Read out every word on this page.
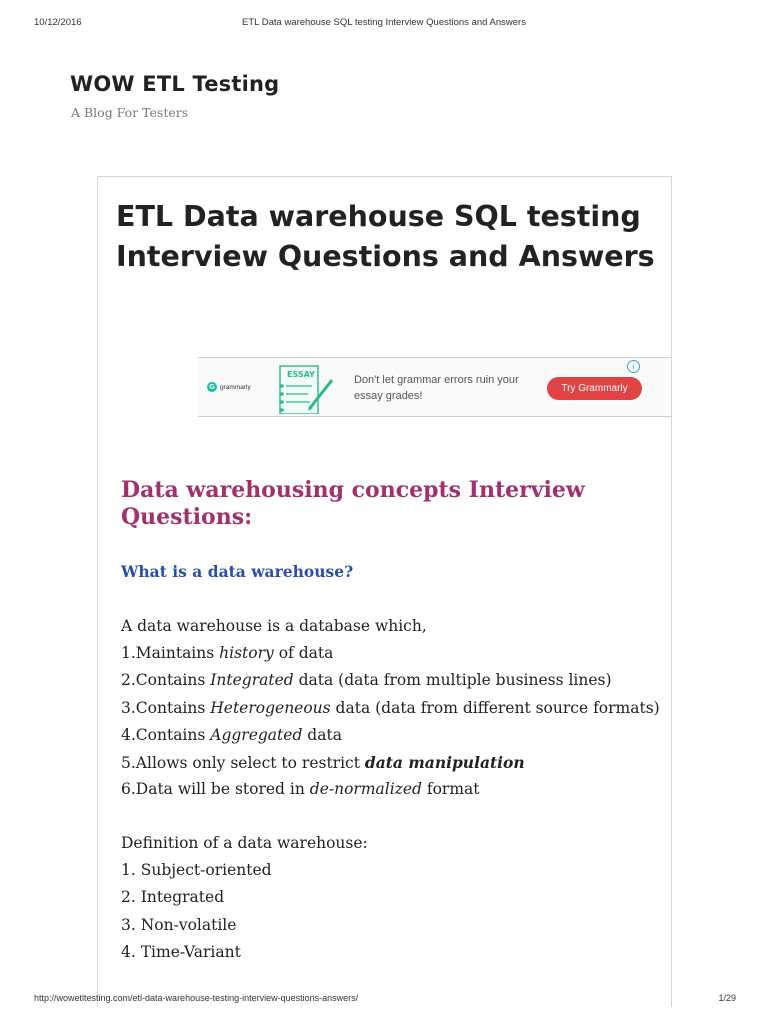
10/12/2016	ETL Data warehouse SQL testing Interview Questions and Answers
WOW ETL Testing
A Blog For Testers
ETL Data warehouse SQL testing Interview Questions and Answers
G grammarly
ESSAY	Don't let grammar errors ruin your essay grades!
Try Grammarly
i
Data warehousing concepts Interview Questions:
What is a data warehouse?
A data warehouse is a database which,
1.Maintains history of data
2.Contains Integrated data (data from multiple business lines)
3.Contains Heterogeneous data (data from different source formats)
4.Contains Aggregated data
5.Allows only select to restrict data manipulation
6.Data will be stored in de-normalized format
Definition of a data warehouse:
1. Subject-oriented
2. Integrated
3. Non-volatile
4. Time-Variant
http://wowetltesting.com/etl-data-warehouse-testing-interview-questions-answers/	1/29
